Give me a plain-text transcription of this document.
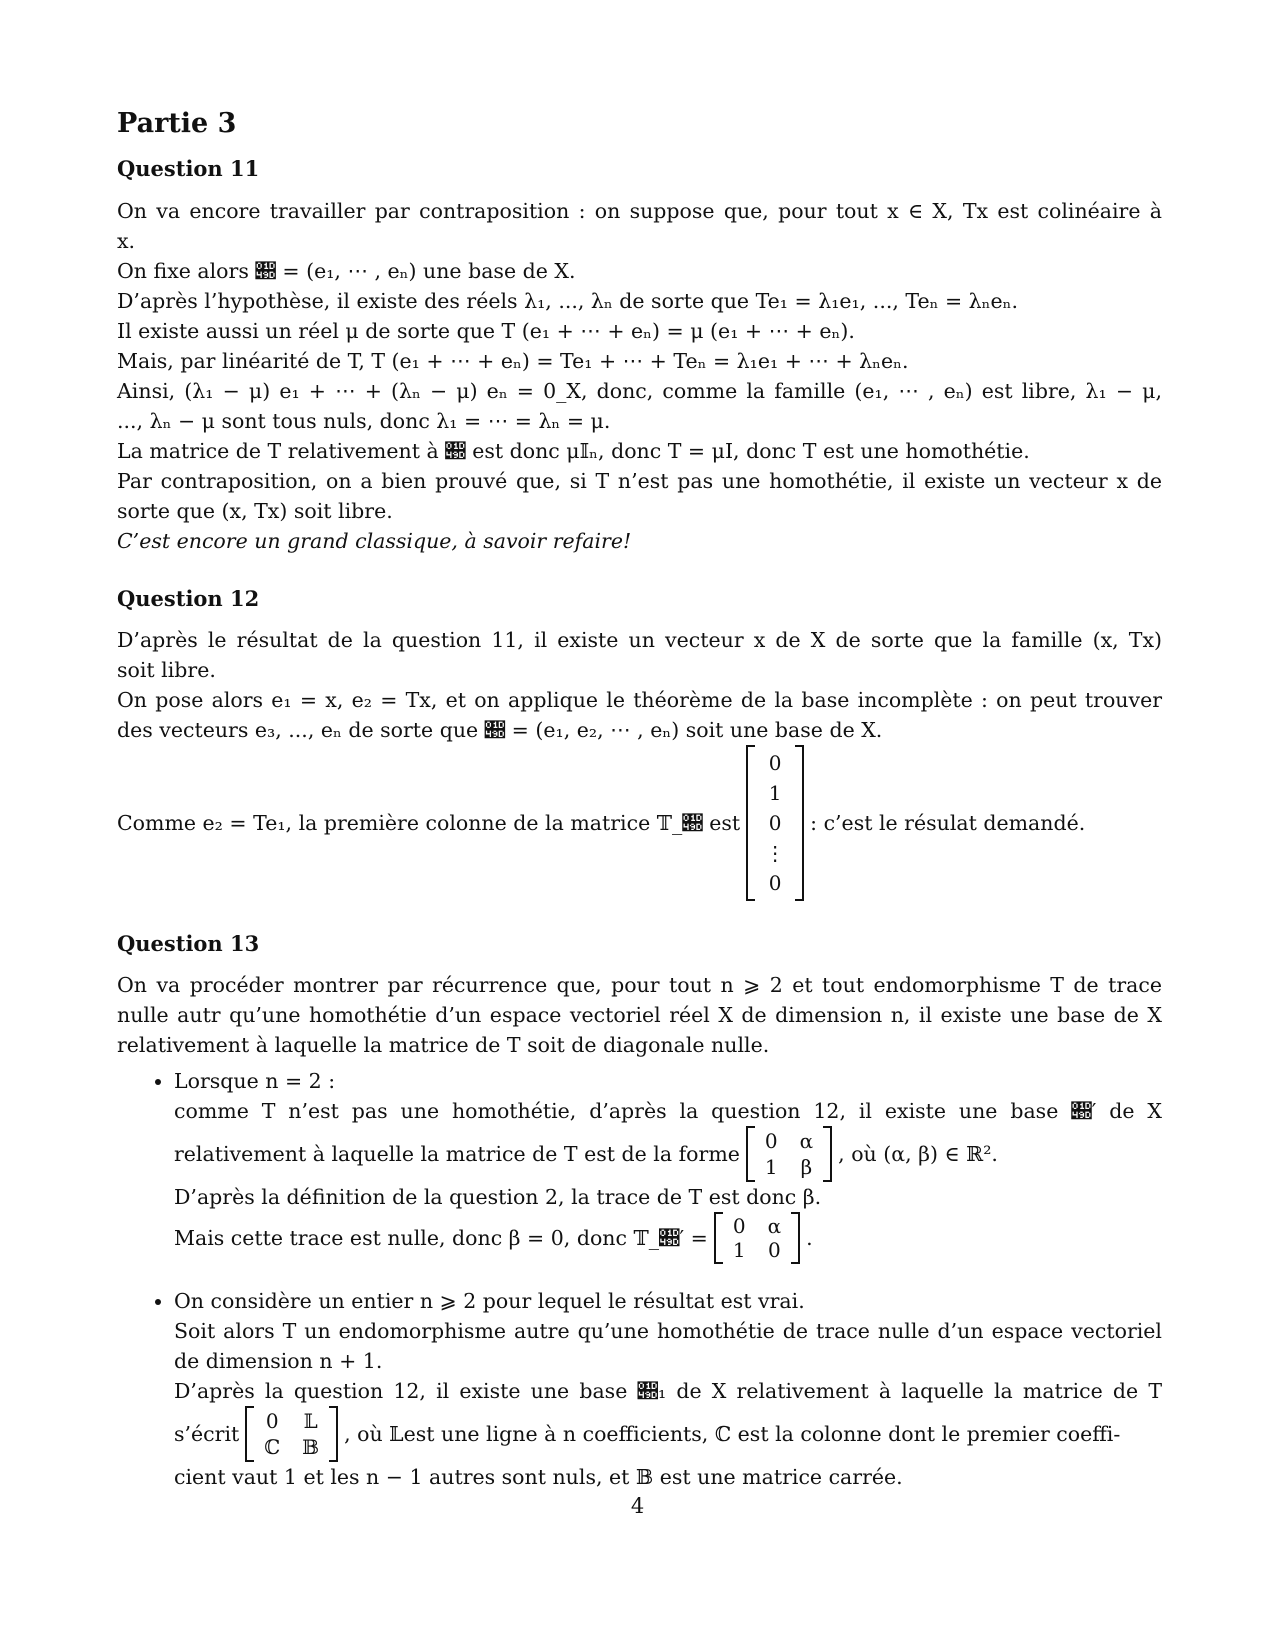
Partie 3
Question 11

On va encore travailler par contraposition : on suppose que, pour tout x ∈ X, Tx est colinéaire à

x.

On fixe alors 𝒝 = (e₁, ⋯ , eₙ) une base de X.

D’après l’hypothèse, il existe des réels λ₁, ..., λₙ de sorte que Te₁ = λ₁e₁, ..., Teₙ = λₙeₙ.

Il existe aussi un réel μ de sorte que T (e₁ + ⋯ + eₙ) = μ (e₁ + ⋯ + eₙ).

Mais, par linéarité de T, T (e₁ + ⋯ + eₙ) = Te₁ + ⋯ + Teₙ = λ₁e₁ + ⋯ + λₙeₙ.

Ainsi, (λ₁ − μ) e₁ + ⋯ + (λₙ − μ) eₙ = 0_X, donc, comme la famille (e₁, ⋯ , eₙ) est libre, λ₁ − μ,

..., λₙ − μ sont tous nuls, donc λ₁ = ⋯ = λₙ = μ.

La matrice de T relativement à 𝒝 est donc μ𝕀ₙ, donc T = μI, donc T est une homothétie.

Par contraposition, on a bien prouvé que, si T n’est pas une homothétie, il existe un vecteur x de

sorte que (x, Tx) soit libre.

C’est encore un grand classique, à savoir refaire!

Question 12

D’après le résultat de la question 11, il existe un vecteur x de X de sorte que la famille (x, Tx)

soit libre.

On pose alors e₁ = x, e₂ = Tx, et on applique le théorème de la base incomplète : on peut trouver

des vecteurs e₃, ..., eₙ de sorte que 𝒝 = (e₁, e₂, ⋯ , eₙ) soit une base de X.

Comme e₂ = Te₁, la première colonne de la matrice 𝕋_𝒝 est
0
1
0
⋮
0
: c’est le résulat demandé.
Question 13

On va procéder montrer par récurrence que, pour tout n ⩾ 2 et tout endomorphisme T de trace

nulle autr qu’une homothétie d’un espace vectoriel réel X de dimension n, il existe une base de X

relativement à laquelle la matrice de T soit de diagonale nulle.

• Lorsque n = 2 :
comme T n’est pas une homothétie, d’après la question 12, il existe une base 𝒝′ de X
relativement à laquelle la matrice de T est de la forme
0 α
1 β
, où (α, β) ∈ ℝ².
D’après la définition de la question 2, la trace de T est donc β.
Mais cette trace est nulle, donc β = 0, donc 𝕋_𝒝′ = 0 α
1 0 .
• On considère un entier n ⩾ 2 pour lequel le résultat est vrai.
Soit alors T un endomorphisme autre qu’une homothétie de trace nulle d’un espace vectoriel
de dimension n + 1.
D’après la question 12, il existe une base 𝒝₁ de X relativement à laquelle la matrice de T
s’écrit
0 𝕃
ℂ 𝔹
, où 𝕃est une ligne à n coefficients, ℂ est la colonne dont le premier coeffi-
cient vaut 1 et les n − 1 autres sont nuls, et 𝔹 est une matrice carrée.
4
